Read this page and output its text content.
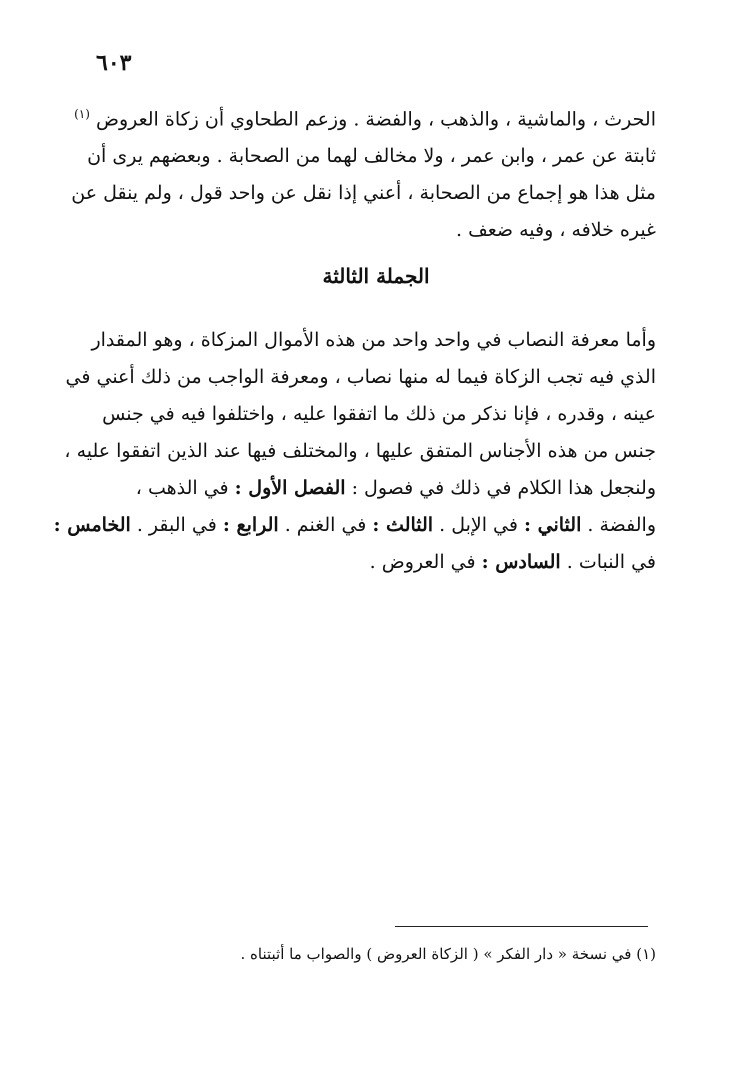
٦٠٣
الحرث ، والماشية ، والذهب ، والفضة . وزعم الطحاوي أن زكاة العروض $^{(١)}$
ثابتة عن عمر ، وابن عمر ، ولا مخالف لهما من الصحابة . وبعضهم يرى أن
مثل هذا هو إجماع من الصحابة ، أعني إذا نقل عن واحد قول ، ولم ينقل عن
غيره خلافه ، وفيه ضعف .
الجملة الثالثة
وأما معرفة النصاب في واحد واحد من هذه الأموال المزكاة ، وهو المقدار
الذي فيه تجب الزكاة فيما له منها نصاب ، ومعرفة الواجب من ذلك أعني في
عينه ، وقدره ، فإنا نذكر من ذلك ما اتفقوا عليه ، واختلفوا فيه في جنس
جنس من هذه الأجناس المتفق عليها ، والمختلف فيها عند الذين اتفقوا عليه ،
ولنجعل هذا الكلام في ذلك في فصول : الفصل الأول : في الذهب ،
والفضة . الثاني : في الإبل . الثالث : في الغنم . الرابع : في البقر . الخامس :
في النبات . السادس : في العروض .
(١) في نسخة « دار الفكر » ( الزكاة العروض ) والصواب ما أثبتناه .
